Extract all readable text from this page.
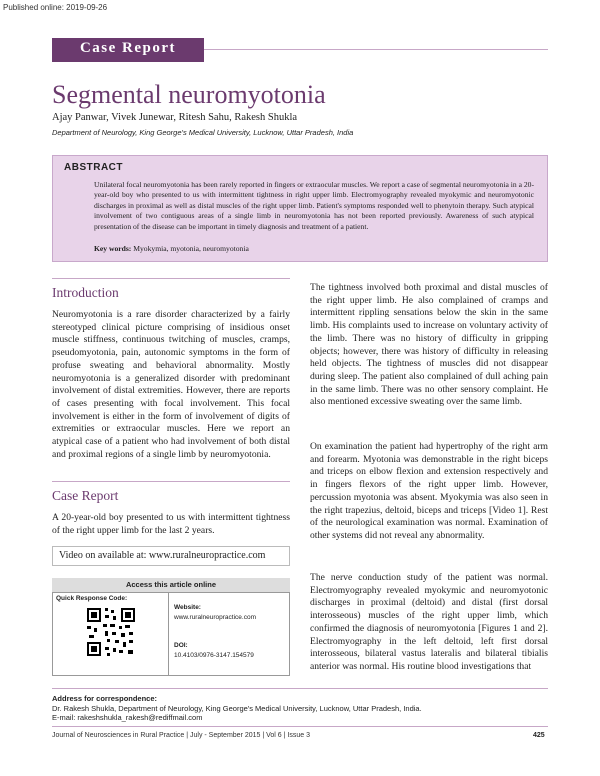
Published online: 2019-09-26
Case Report
Segmental neuromyotonia
Ajay Panwar, Vivek Junewar, Ritesh Sahu, Rakesh Shukla
Department of Neurology, King George's Medical University, Lucknow, Uttar Pradesh, India
ABSTRACT
Unilateral focal neuromyotonia has been rarely reported in fingers or extraocular muscles. We report a case of segmental neuromyotonia in a 20-year-old boy who presented to us with intermittent tightness in right upper limb. Electromyography revealed myokymic and neuromyotonic discharges in proximal as well as distal muscles of the right upper limb. Patient's symptoms responded well to phenytoin therapy. Such atypical involvement of two contiguous areas of a single limb in neuromyotonia has not been reported previously. Awareness of such atypical presentation of the disease can be important in timely diagnosis and treatment of a patient.
Key words: Myokymia, myotonia, neuromyotonia
Introduction
Neuromyotonia is a rare disorder characterized by a fairly stereotyped clinical picture comprising of insidious onset muscle stiffness, continuous twitching of muscles, cramps, pseudomyotonia, pain, autonomic symptoms in the form of profuse sweating and behavioral abnormality. Mostly neuromyotonia is a generalized disorder with predominant involvement of distal extremities. However, there are reports of cases presenting with focal involvement. This focal involvement is either in the form of involvement of digits of extremities or extraocular muscles. Here we report an atypical case of a patient who had involvement of both distal and proximal regions of a single limb by neuromyotonia.
Case Report
A 20-year-old boy presented to us with intermittent tightness of the right upper limb for the last 2 years.
Video on available at: www.ruralneuropractice.com
Access this article online
Quick Response Code:
Website:
www.ruralneuropractice.com
DOI:
10.4103/0976-3147.154579
The tightness involved both proximal and distal muscles of the right upper limb. He also complained of cramps and intermittent rippling sensations below the skin in the same limb. His complaints used to increase on voluntary activity of the limb. There was no history of difficulty in gripping objects; however, there was history of difficulty in releasing held objects. The tightness of muscles did not disappear during sleep. The patient also complained of dull aching pain in the same limb. There was no other sensory complaint. He also mentioned excessive sweating over the same limb.
On examination the patient had hypertrophy of the right arm and forearm. Myotonia was demonstrable in the right biceps and triceps on elbow flexion and extension respectively and in fingers flexors of the right upper limb. However, percussion myotonia was absent. Myokymia was also seen in the right trapezius, deltoid, biceps and triceps [Video 1]. Rest of the neurological examination was normal. Examination of other systems did not reveal any abnormality.
The nerve conduction study of the patient was normal. Electromyography revealed myokymic and neuromyotonic discharges in proximal (deltoid) and distal (first dorsal interosseous) muscles of the right upper limb, which confirmed the diagnosis of neuromyotonia [Figures 1 and 2]. Electromyography in the left deltoid, left first dorsal interosseous, bilateral vastus lateralis and bilateral tibialis anterior was normal. His routine blood investigations that
Address for correspondence:
Dr. Rakesh Shukla, Department of Neurology, King George's Medical University, Lucknow, Uttar Pradesh, India.
E-mail: rakeshshukla_rakesh@rediffmail.com
Journal of Neurosciences in Rural Practice | July - September 2015 | Vol 6 | Issue 3	425
